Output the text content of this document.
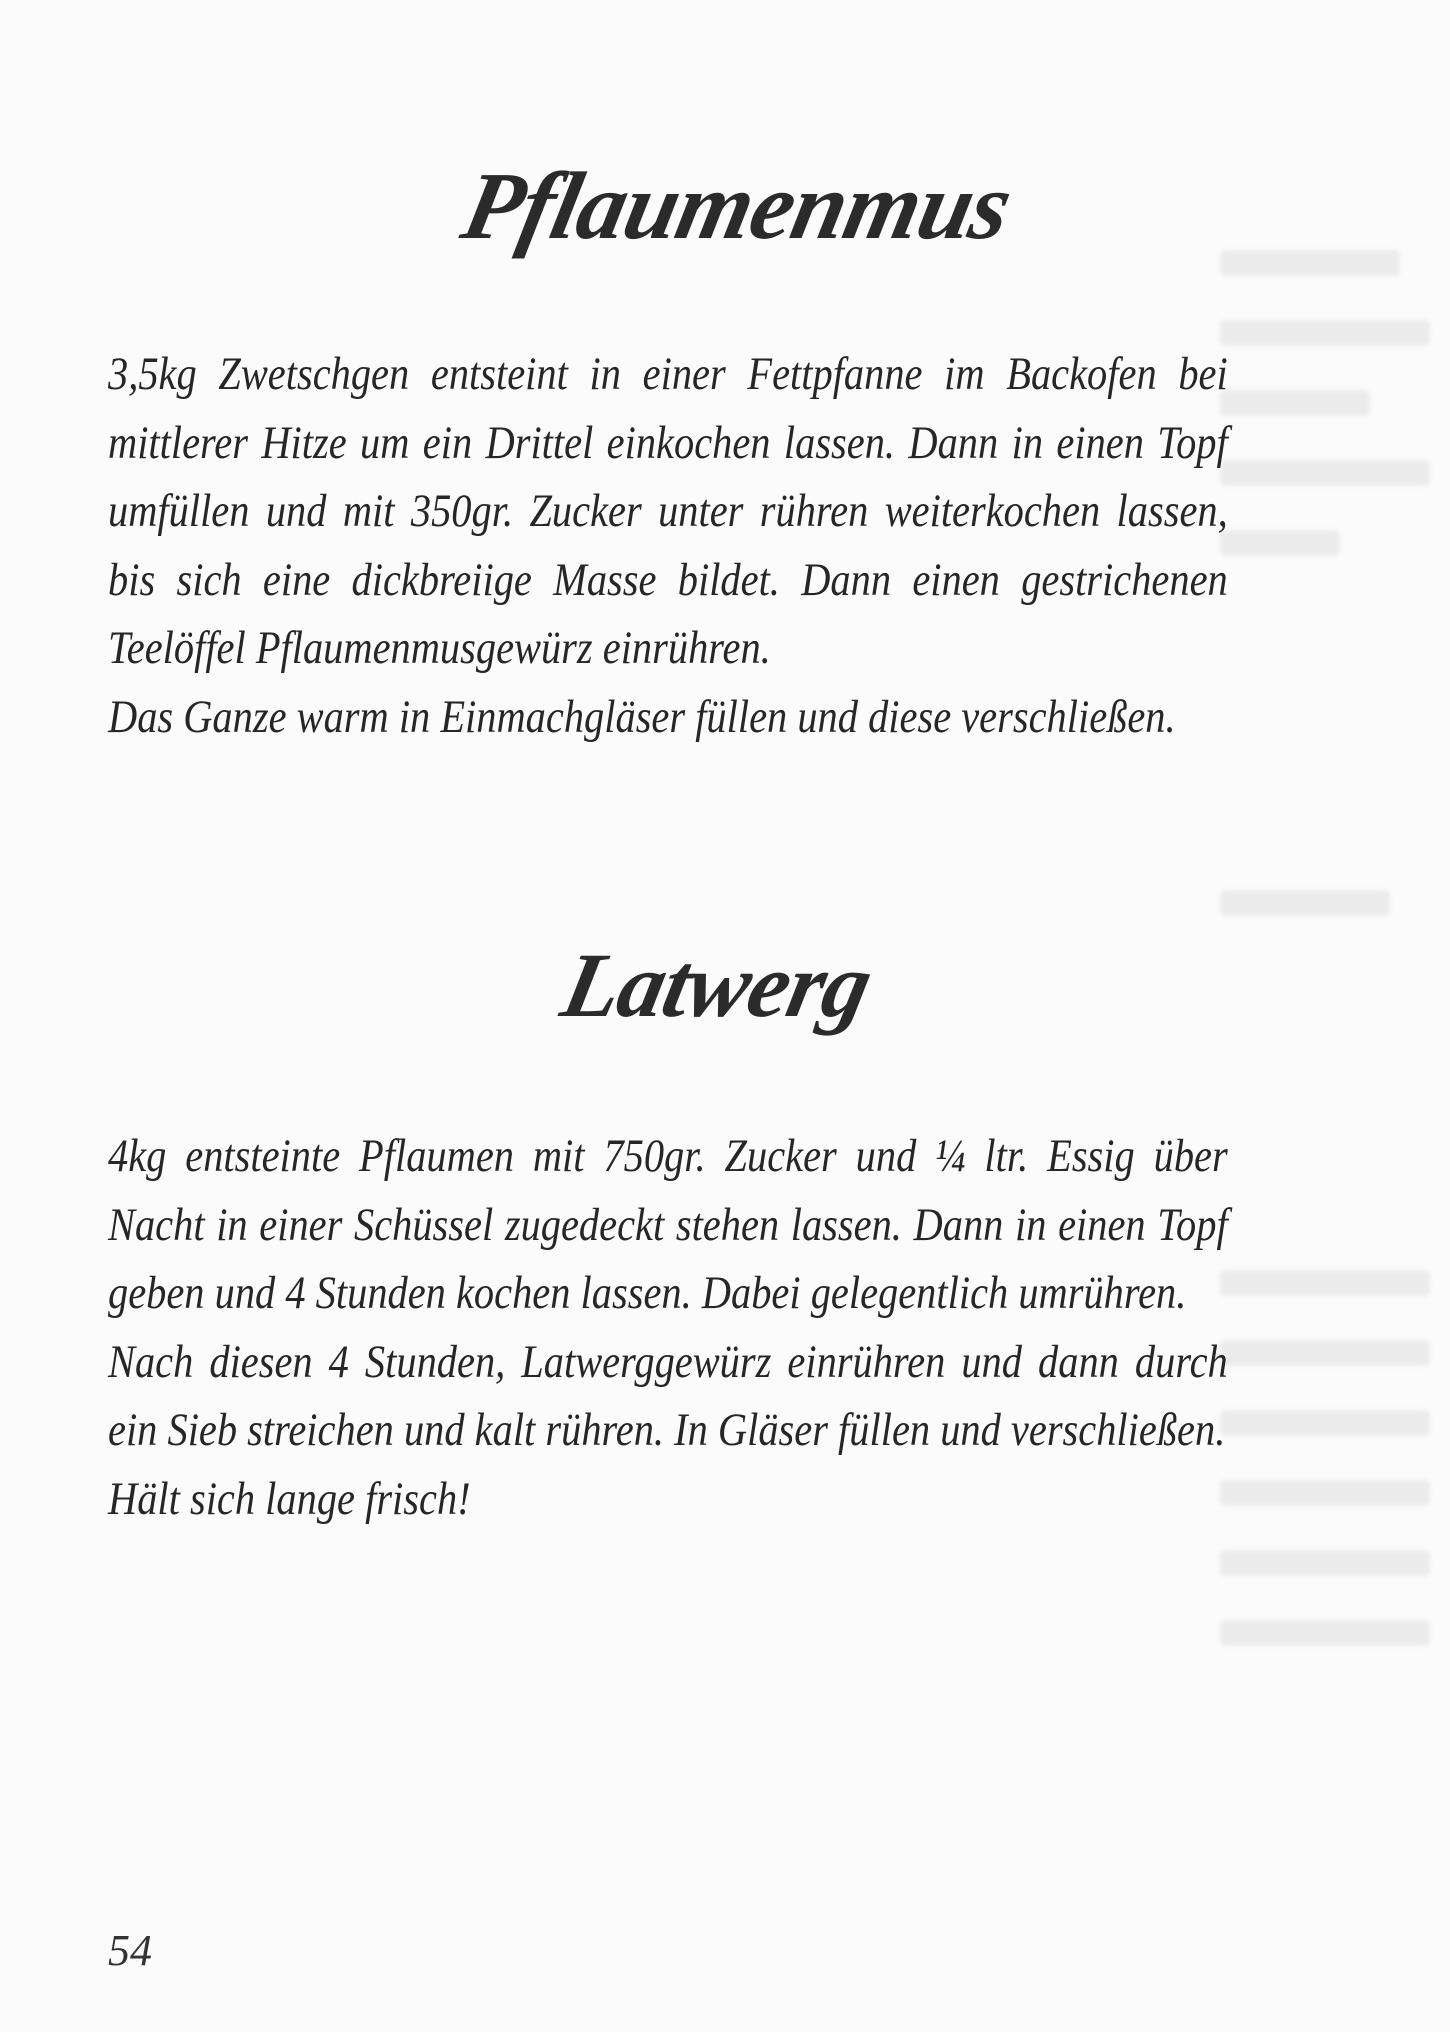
Pflaumenmus

3,5kg Zwetschgen entsteint in einer Fettpfanne im Backofen bei mittlerer Hitze um ein Drittel einkochen lassen. Dann in einen Topf umfüllen und mit 350gr. Zucker unter rühren weiterkochen lassen, bis sich eine dickbreiige Masse bildet. Dann einen gestrichenen Teelöffel Pflaumenmusgewürz einrühren.

Das Ganze warm in Einmachgläser füllen und diese verschließen.

Latwerg

4kg entsteinte Pflaumen mit 750gr. Zucker und ¼ ltr. Essig über Nacht in einer Schüssel zugedeckt stehen lassen. Dann in einen Topf geben und 4 Stunden kochen lassen. Dabei gelegentlich umrühren.

Nach diesen 4 Stunden, Latwerggewürz einrühren und dann durch ein Sieb streichen und kalt rühren. In Gläser füllen und verschließen.

Hält sich lange frisch!

54
